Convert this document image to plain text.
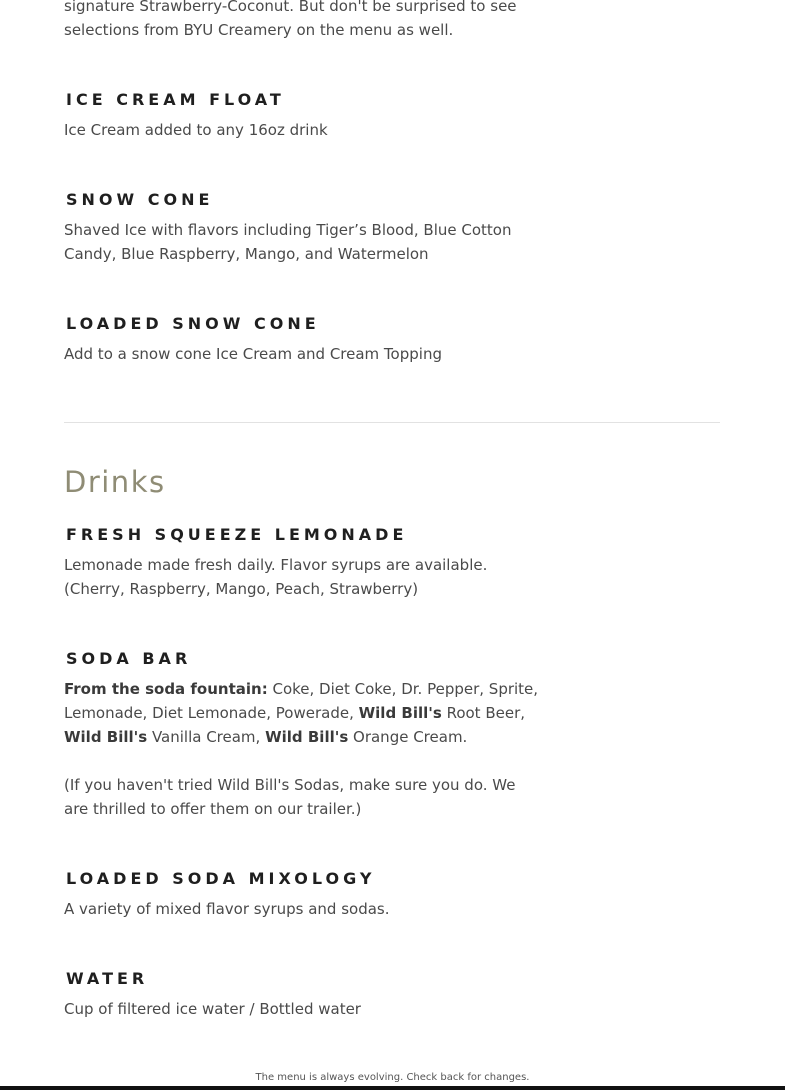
signature Strawberry-Coconut. But don't be surprised to see
selections from BYU Creamery on the menu as well.

ICE CREAM FLOAT

Ice Cream added to any 16oz drink

SNOW CONE

Shaved Ice with flavors including Tiger’s Blood, Blue Cotton Candy, Blue Raspberry, Mango, and Watermelon

LOADED SNOW CONE

Add to a snow cone Ice Cream and Cream Topping

Drinks
FRESH SQUEEZE LEMONADE

Lemonade made fresh daily. Flavor syrups are available. (Cherry, Raspberry, Mango, Peach, Strawberry)

SODA BAR

From the soda fountain: Coke, Diet Coke, Dr. Pepper, Sprite, Lemonade, Diet Lemonade, Powerade, Wild Bill's Root Beer, Wild Bill's Vanilla Cream, Wild Bill's Orange Cream.

(If you haven't tried Wild Bill's Sodas, make sure you do. We are thrilled to offer them on our trailer.)

LOADED SODA MIXOLOGY

A variety of mixed flavor syrups and sodas.

WATER

Cup of filtered ice water / Bottled water

The menu is always evolving. Check back for changes.
